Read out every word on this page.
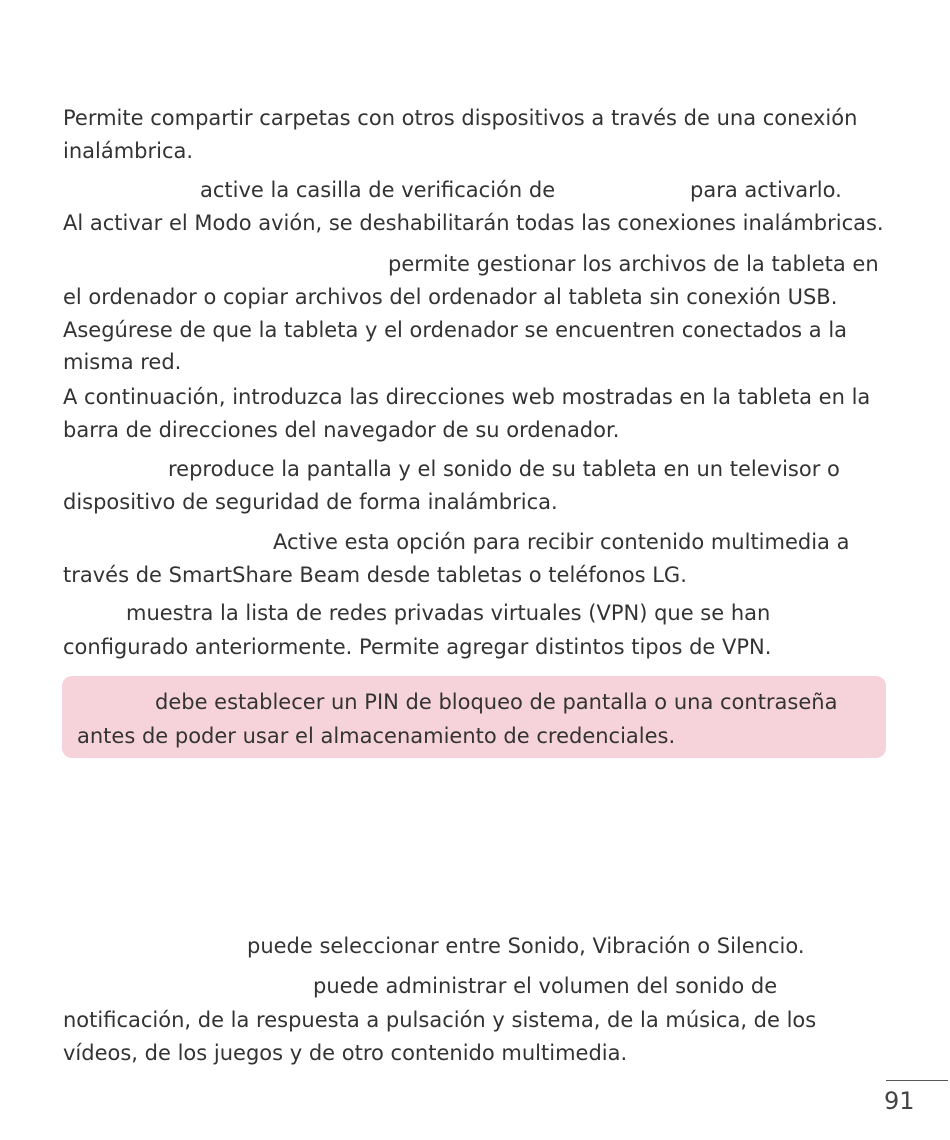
Permite compartir carpetas con otros dispositivos a través de una conexión
inalámbrica.
active la casilla de verificación de	para activarlo.
Al activar el Modo avión, se deshabilitarán todas las conexiones inalámbricas.
permite gestionar los archivos de la tableta en
el ordenador o copiar archivos del ordenador al tableta sin conexión USB.
Asegúrese de que la tableta y el ordenador se encuentren conectados a la
misma red.
A continuación, introduzca las direcciones web mostradas en la tableta en la
barra de direcciones del navegador de su ordenador.
reproduce la pantalla y el sonido de su tableta en un televisor o
dispositivo de seguridad de forma inalámbrica.
Active esta opción para recibir contenido multimedia a
través de SmartShare Beam desde tabletas o teléfonos LG.
muestra la lista de redes privadas virtuales (VPN) que se han
configurado anteriormente. Permite agregar distintos tipos de VPN.
debe establecer un PIN de bloqueo de pantalla o una contraseña
antes de poder usar el almacenamiento de credenciales.
puede seleccionar entre Sonido, Vibración o Silencio.
puede administrar el volumen del sonido de
notificación, de la respuesta a pulsación y sistema, de la música, de los
vídeos, de los juegos y de otro contenido multimedia.
91
